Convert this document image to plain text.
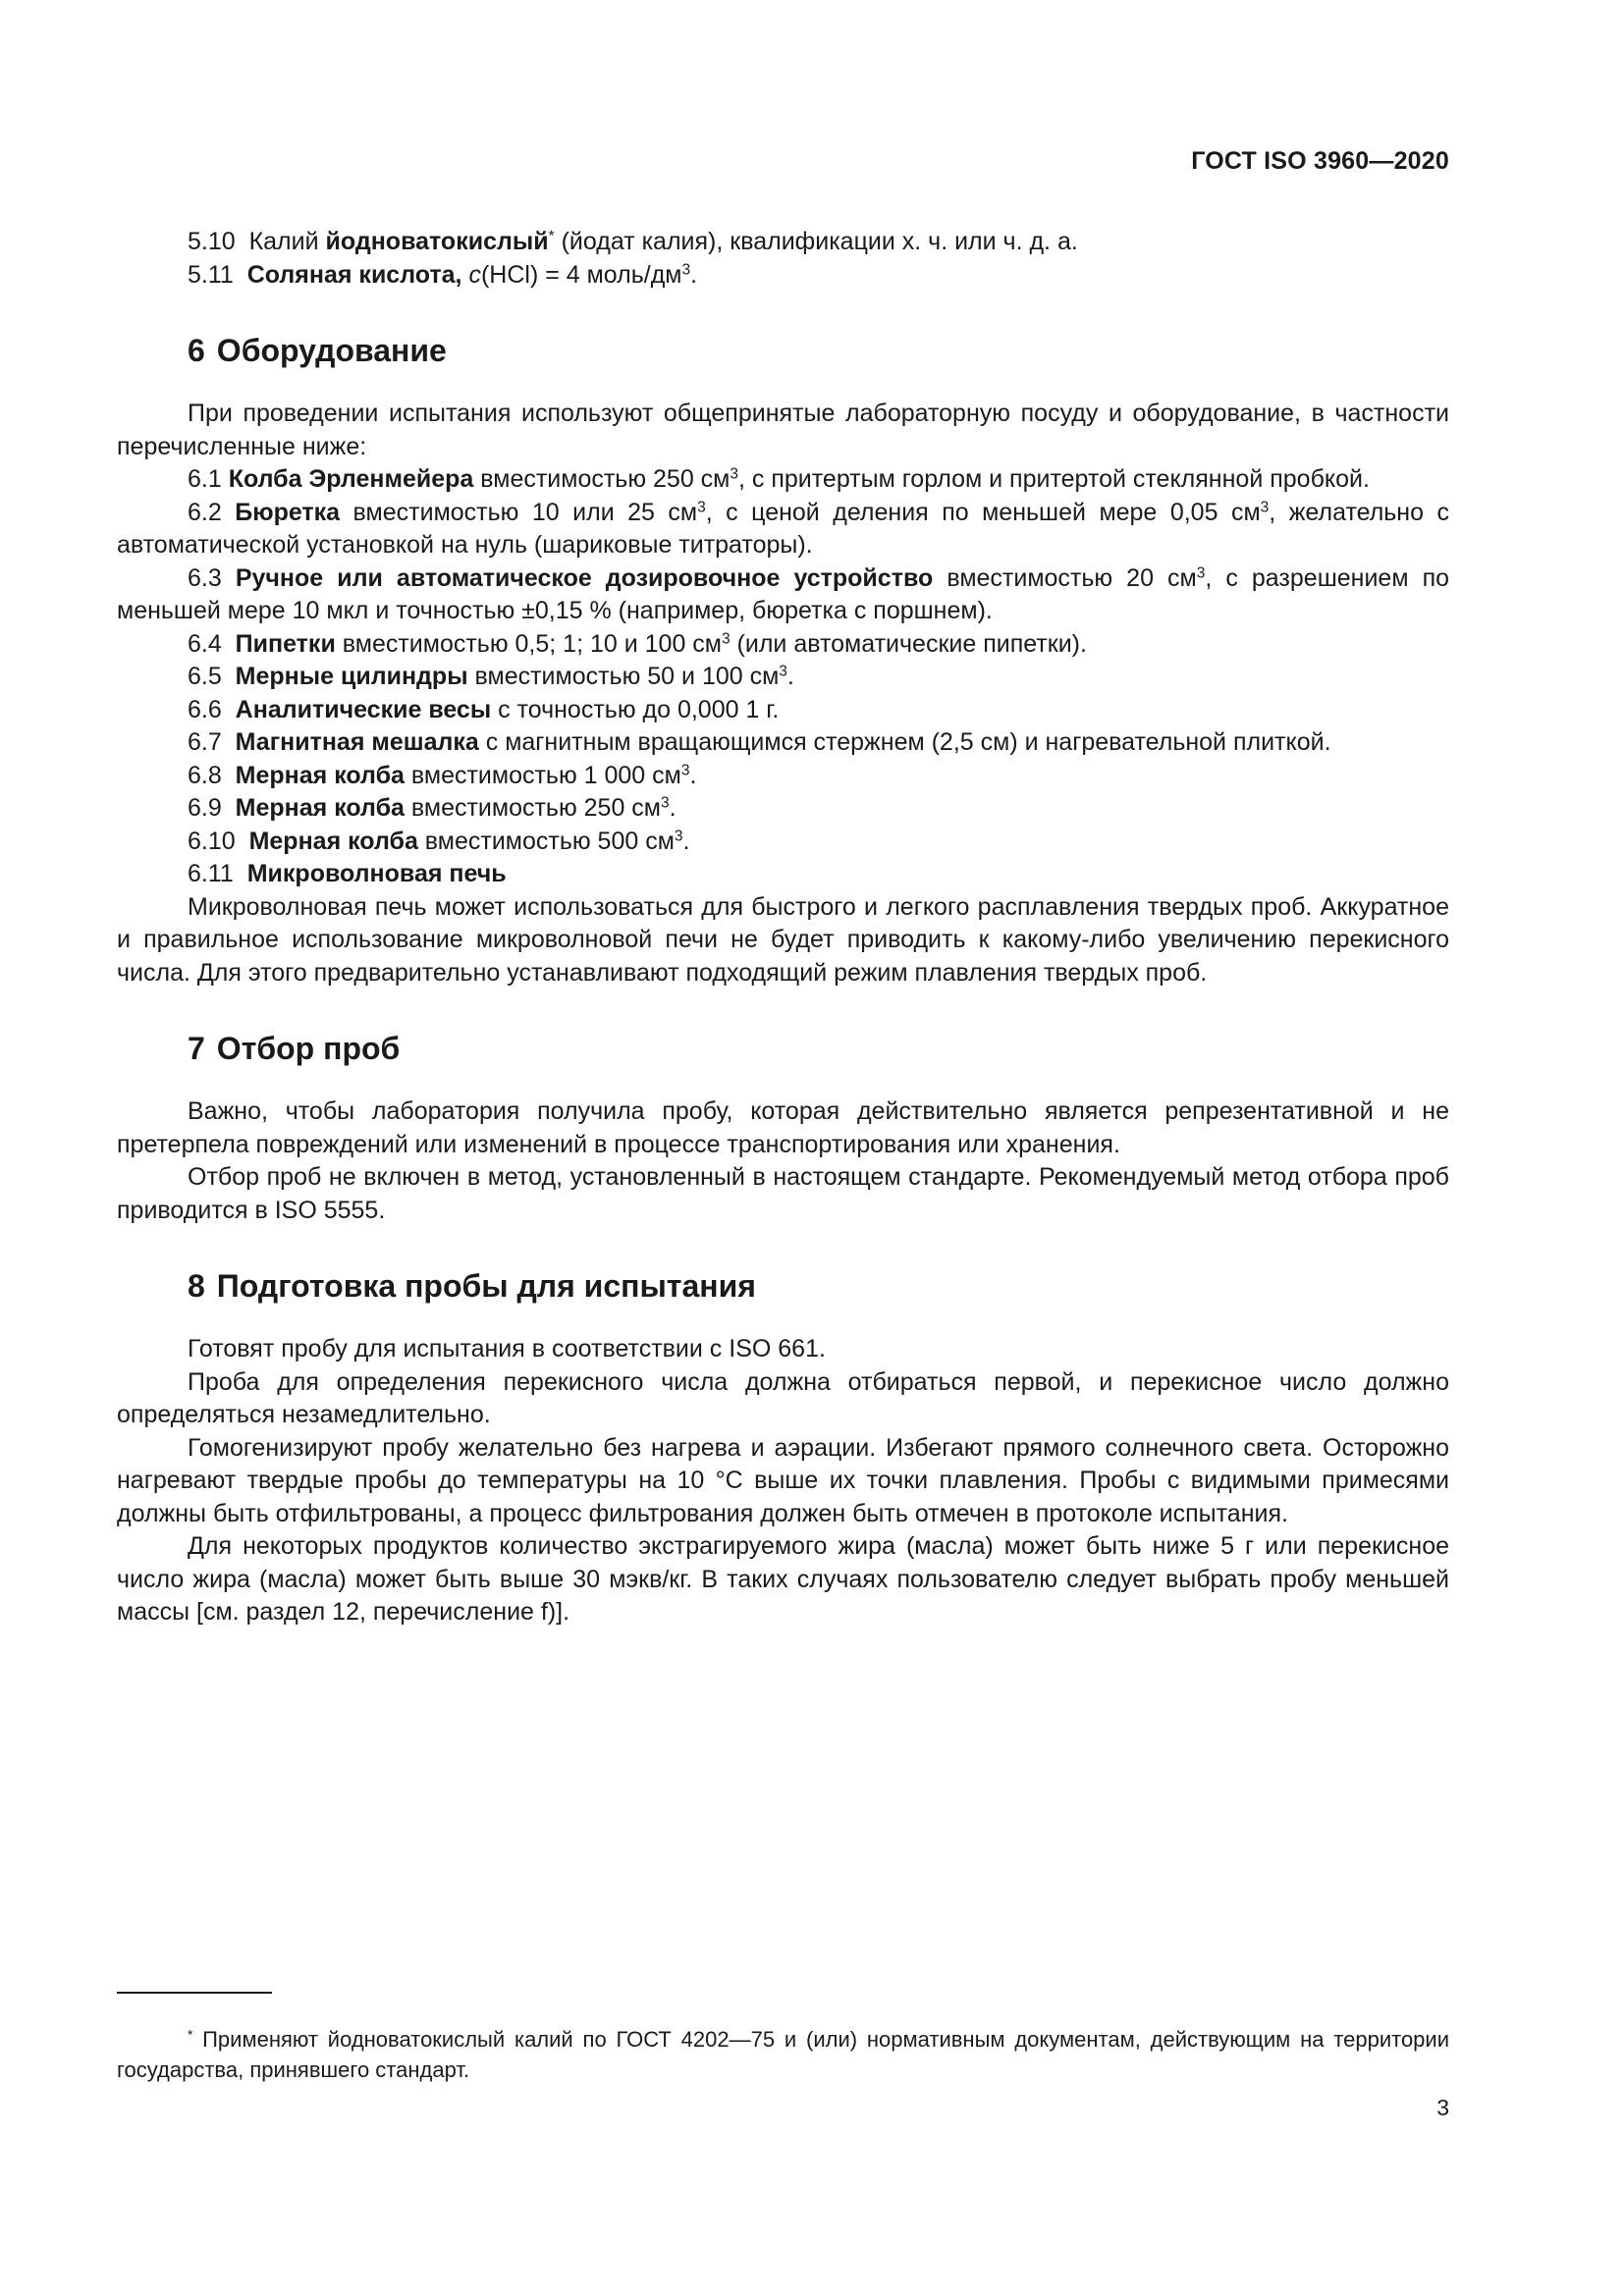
ГОСТ ISO 3960—2020

5.10 Калий йодноватокислый* (йодат калия), квалификации х. ч. или ч. д. а.

5.11 Соляная кислота, c(HCl) = 4 моль/$дм^3$.

6 Оборудование

При проведении испытания используют общепринятые лабораторную посуду и оборудование, в частности перечисленные ниже:

6.1 Колба Эрленмейера вместимостью 250 $см^3$, с притертым горлом и притертой стеклянной пробкой.

6.2 Бюретка вместимостью 10 или 25 $см^3$, с ценой деления по меньшей мере 0,05 $см^3$, желательно с автоматической установкой на нуль (шариковые титраторы).

6.3 Ручное или автоматическое дозировочное устройство вместимостью 20 $см^3$, с разрешением по меньшей мере 10 мкл и точностью ±0,15 % (например, бюретка с поршнем).

6.4 Пипетки вместимостью 0,5; 1; 10 и 100 $см^3$ (или автоматические пипетки).

6.5 Мерные цилиндры вместимостью 50 и 100 $см^3$.

6.6 Аналитические весы с точностью до 0,000 1 г.

6.7 Магнитная мешалка с магнитным вращающимся стержнем (2,5 см) и нагревательной плиткой.

6.8 Мерная колба вместимостью 1 000 $см^3$.

6.9 Мерная колба вместимостью 250 $см^3$.

6.10 Мерная колба вместимостью 500 $см^3$.

6.11 Микроволновая печь

Микроволновая печь может использоваться для быстрого и легкого расплавления твердых проб. Аккуратное и правильное использование микроволновой печи не будет приводить к какому-либо увеличению перекисного числа. Для этого предварительно устанавливают подходящий режим плавления твердых проб.

7 Отбор проб

Важно, чтобы лаборатория получила пробу, которая действительно является репрезентативной и не претерпела повреждений или изменений в процессе транспортирования или хранения.

Отбор проб не включен в метод, установленный в настоящем стандарте. Рекомендуемый метод отбора проб приводится в ISO 5555.

8 Подготовка пробы для испытания

Готовят пробу для испытания в соответствии с ISO 661.

Проба для определения перекисного числа должна отбираться первой, и перекисное число должно определяться незамедлительно.

Гомогенизируют пробу желательно без нагрева и аэрации. Избегают прямого солнечного света. Осторожно нагревают твердые пробы до температуры на 10 °C выше их точки плавления. Пробы с видимыми примесями должны быть отфильтрованы, а процесс фильтрования должен быть отмечен в протоколе испытания.

Для некоторых продуктов количество экстрагируемого жира (масла) может быть ниже 5 г или перекисное число жира (масла) может быть выше 30 мэкв/кг. В таких случаях пользователю следует выбрать пробу меньшей массы [см. раздел 12, перечисление f)].

* Применяют йодноватокислый калий по ГОСТ 4202—75 и (или) нормативным документам, действующим на территории государства, принявшего стандарт.

3
